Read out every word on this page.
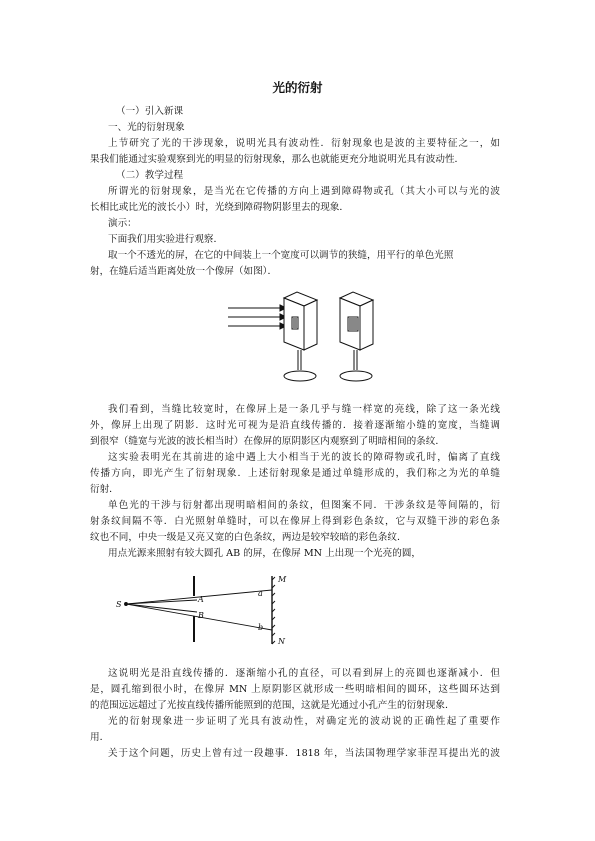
光的衍射
（一）引入新课
一、光的衍射现象
上节研究了光的干涉现象，说明光具有波动性．衍射现象也是波的主要特征之一，如
果我们能通过实验观察到光的明显的衍射现象，那么也就能更充分地说明光具有波动性．
（二）教学过程
所谓光的衍射现象，是当光在它传播的方向上遇到障碍物或孔（其大小可以与光的波
长相比或比光的波长小）时，光绕到障碍物阴影里去的现象．
演示：
下面我们用实验进行观察．
取一个不透光的屏，在它的中间装上一个宽度可以调节的狭缝，用平行的单色光照
射，在缝后适当距离处放一个像屏（如图）．
我们看到，当缝比较宽时，在像屏上是一条几乎与缝一样宽的亮线，除了这一条光线
外，像屏上出现了阴影．这时光可视为是沿直线传播的．接着逐渐缩小缝的宽度，当缝调
到很窄（缝宽与光波的波长相当时）在像屏的原阴影区内观察到了明暗相间的条纹．
这实验表明光在其前进的途中遇上大小相当于光的波长的障碍物或孔时，偏离了直线
传播方向，即光产生了衍射现象．上述衍射现象是通过单缝形成的，我们称之为光的单缝
衍射．
单色光的干涉与衍射都出现明暗相间的条纹，但图案不同．干涉条纹是等间隔的，衍
射条纹间隔不等．白光照射单缝时，可以在像屏上得到彩色条纹，它与双缝干涉的彩色条
纹也不同，中央一级是又亮又宽的白色条纹，两边是较窄较暗的彩色条纹．
用点光源来照射有较大圆孔 AB 的屏，在像屏 MN 上出现一个光亮的圆，
S
A
B
M
N
a
b
这说明光是沿直线传播的．逐渐缩小孔的直径，可以看到屏上的亮圆也逐渐减小．但
是，圆孔缩到很小时，在像屏 MN 上原阴影区就形成一些明暗相间的圆环，这些圆环达到
的范围远远超过了光按直线传播所能照到的范围，这就是光通过小孔产生的衍射现象．
光的衍射现象进一步证明了光具有波动性，对确定光的波动说的正确性起了重要作
用．
关于这个问题，历史上曾有过一段趣事．1818 年，当法国物理学家菲涅耳提出光的波
